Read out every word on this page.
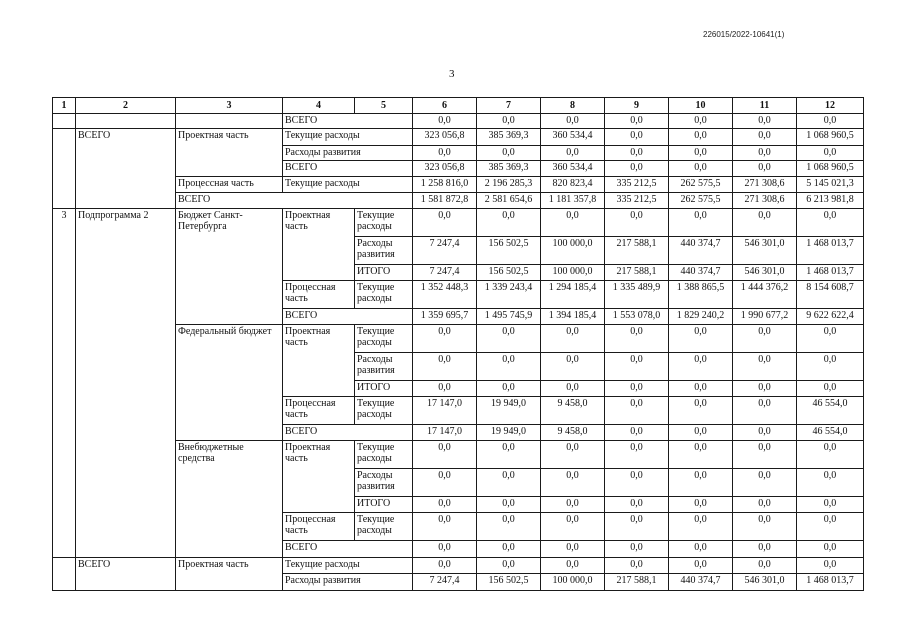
226015/2022-10641(1)
3
1	2	3	4	5	6	7	8	9	10	11	12
			ВСЕГО		0,0	0,0	0,0	0,0	0,0	0,0	0,0
	ВСЕГО	Проектная часть	Текущие расходы		323 056,8	385 369,3	360 534,4	0,0	0,0	0,0	1 068 960,5
			Расходы развития		0,0	0,0	0,0	0,0	0,0	0,0	0,0
			ВСЕГО		323 056,8	385 369,3	360 534,4	0,0	0,0	0,0	1 068 960,5
		Процессная часть	Текущие расходы		1 258 816,0	2 196 285,3	820 823,4	335 212,5	262 575,5	271 308,6	5 145 021,3
		ВСЕГО			1 581 872,8	2 581 654,6	1 181 357,8	335 212,5	262 575,5	271 308,6	6 213 981,8
3	Подпрограмма 2	Бюджет Санкт-Петербурга	Проектная часть	Текущие расходы	0,0	0,0	0,0	0,0	0,0	0,0	0,0
				Расходы развития	7 247,4	156 502,5	100 000,0	217 588,1	440 374,7	546 301,0	1 468 013,7
				ИТОГО	7 247,4	156 502,5	100 000,0	217 588,1	440 374,7	546 301,0	1 468 013,7
			Процессная часть	Текущие расходы	1 352 448,3	1 339 243,4	1 294 185,4	1 335 489,9	1 388 865,5	1 444 376,2	8 154 608,7
			ВСЕГО		1 359 695,7	1 495 745,9	1 394 185,4	1 553 078,0	1 829 240,2	1 990 677,2	9 622 622,4
		Федеральный бюджет	Проектная часть	Текущие расходы	0,0	0,0	0,0	0,0	0,0	0,0	0,0
				Расходы развития	0,0	0,0	0,0	0,0	0,0	0,0	0,0
				ИТОГО	0,0	0,0	0,0	0,0	0,0	0,0	0,0
			Процессная часть	Текущие расходы	17 147,0	19 949,0	9 458,0	0,0	0,0	0,0	46 554,0
			ВСЕГО		17 147,0	19 949,0	9 458,0	0,0	0,0	0,0	46 554,0
		Внебюджетные средства	Проектная часть	Текущие расходы	0,0	0,0	0,0	0,0	0,0	0,0	0,0
				Расходы развития	0,0	0,0	0,0	0,0	0,0	0,0	0,0
				ИТОГО	0,0	0,0	0,0	0,0	0,0	0,0	0,0
			Процессная часть	Текущие расходы	0,0	0,0	0,0	0,0	0,0	0,0	0,0
			ВСЕГО		0,0	0,0	0,0	0,0	0,0	0,0	0,0
	ВСЕГО	Проектная часть	Текущие расходы		0,0	0,0	0,0	0,0	0,0	0,0	0,0
			Расходы развития		7 247,4	156 502,5	100 000,0	217 588,1	440 374,7	546 301,0	1 468 013,7
